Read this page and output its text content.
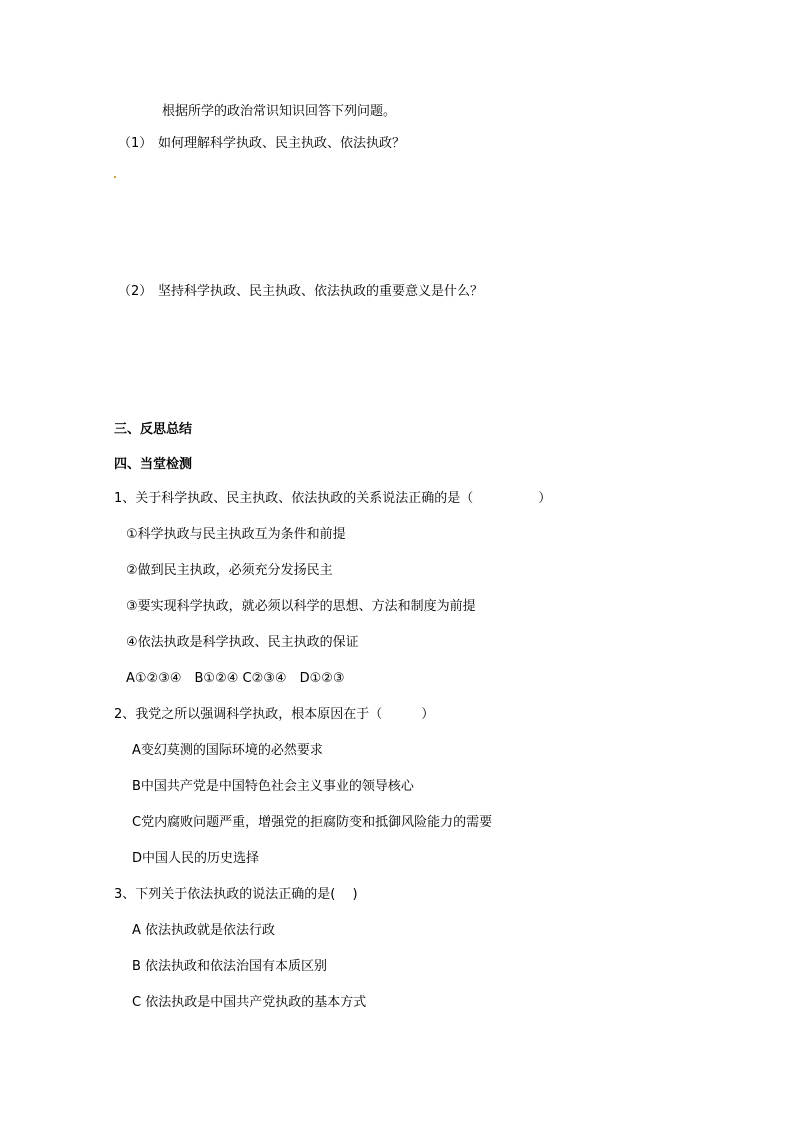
根据所学的政治常识知识回答下列问题。
（1） 如何理解科学执政、民主执政、依法执政？
（2） 坚持科学执政、民主执政、依法执政的重要意义是什么？
三、反思总结
四、当堂检测
1、关于科学执政、民主执政、依法执政的关系说法正确的是（　　　　　）
①科学执政与民主执政互为条件和前提
②做到民主执政，必须充分发扬民主
③要实现科学执政，就必须以科学的思想、方法和制度为前提
④依法执政是科学执政、民主执政的保证
A①②③④　B①②④ C②③④　D①②③
2、我党之所以强调科学执政，根本原因在于（　　　）
A变幻莫测的国际环境的必然要求
B中国共产党是中国特色社会主义事业的领导核心
C党内腐败问题严重，增强党的拒腐防变和抵御风险能力的需要
D中国人民的历史选择
3、下列关于依法执政的说法正确的是(　 )
A 依法执政就是依法行政
B 依法执政和依法治国有本质区别
C 依法执政是中国共产党执政的基本方式
